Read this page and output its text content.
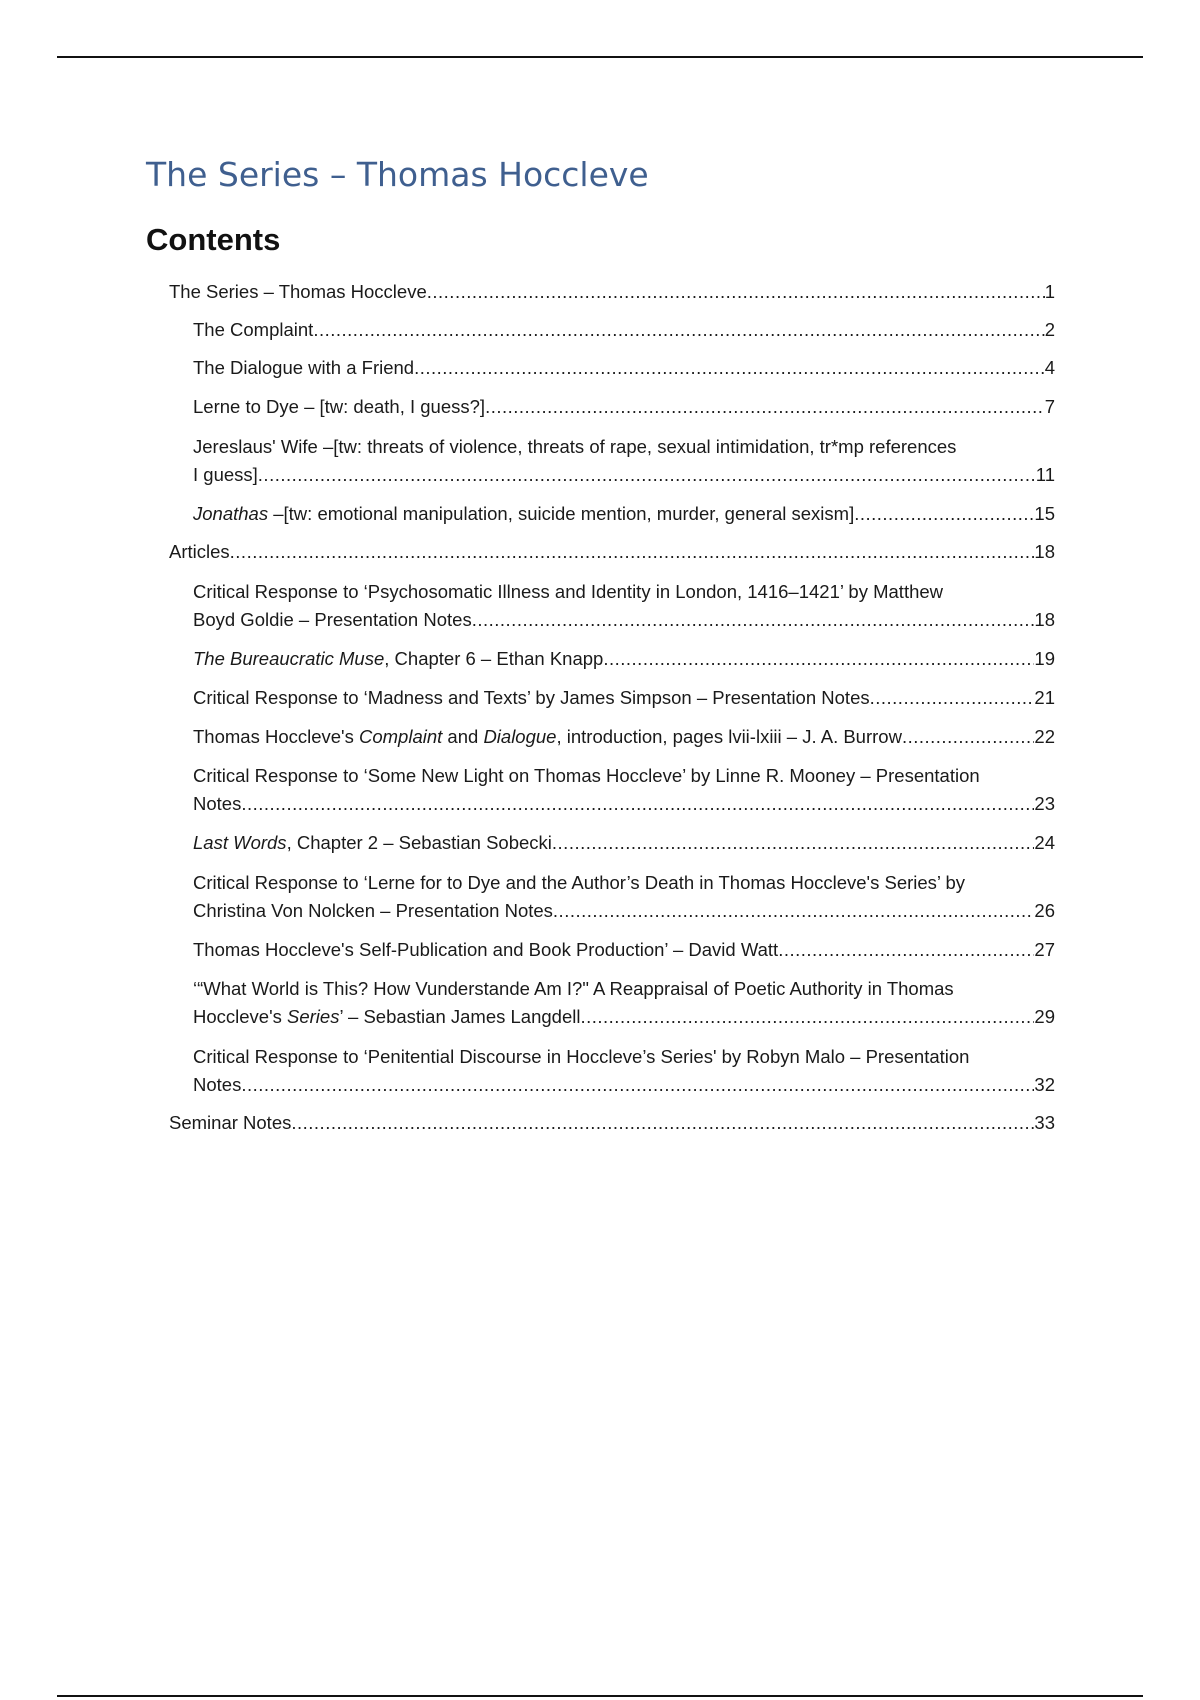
The Series – Thomas Hoccleve
Contents
The Series – Thomas Hoccleve .....	1
The Complaint .....	2
The Dialogue with a Friend .....	4
Lerne to Dye – [tw: death, I guess?] .....	7
Jereslaus' Wife –[tw: threats of violence, threats of rape, sexual intimidation, tr*mp references
I guess] .....	11
Jonathas –[tw: emotional manipulation, suicide mention, murder, general sexism] .....	15
Articles .....	18
Critical Response to ‘Psychosomatic Illness and Identity in London, 1416–1421’ by Matthew
Boyd Goldie – Presentation Notes .....	18
The Bureaucratic Muse, Chapter 6 – Ethan Knapp .....	19
Critical Response to ‘Madness and Texts’ by James Simpson – Presentation Notes .....	21
Thomas Hoccleve's Complaint and Dialogue, introduction, pages lvii-lxiii – J. A. Burrow .....	22
Critical Response to ‘Some New Light on Thomas Hoccleve’ by Linne R. Mooney – Presentation
Notes .....	23
Last Words, Chapter 2 – Sebastian Sobecki .....	24
Critical Response to ‘Lerne for to Dye and the Author’s Death in Thomas Hoccleve's Series’ by
Christina Von Nolcken – Presentation Notes .....	26
Thomas Hoccleve's Self-Publication and Book Production’ – David Watt .....	27
‘“What World is This? How Vunderstande Am I?" A Reappraisal of Poetic Authority in Thomas
Hoccleve's Series’ – Sebastian James Langdell .....	29
Critical Response to ‘Penitential Discourse in Hoccleve’s Series' by Robyn Malo – Presentation
Notes .....	32
Seminar Notes .....	33
